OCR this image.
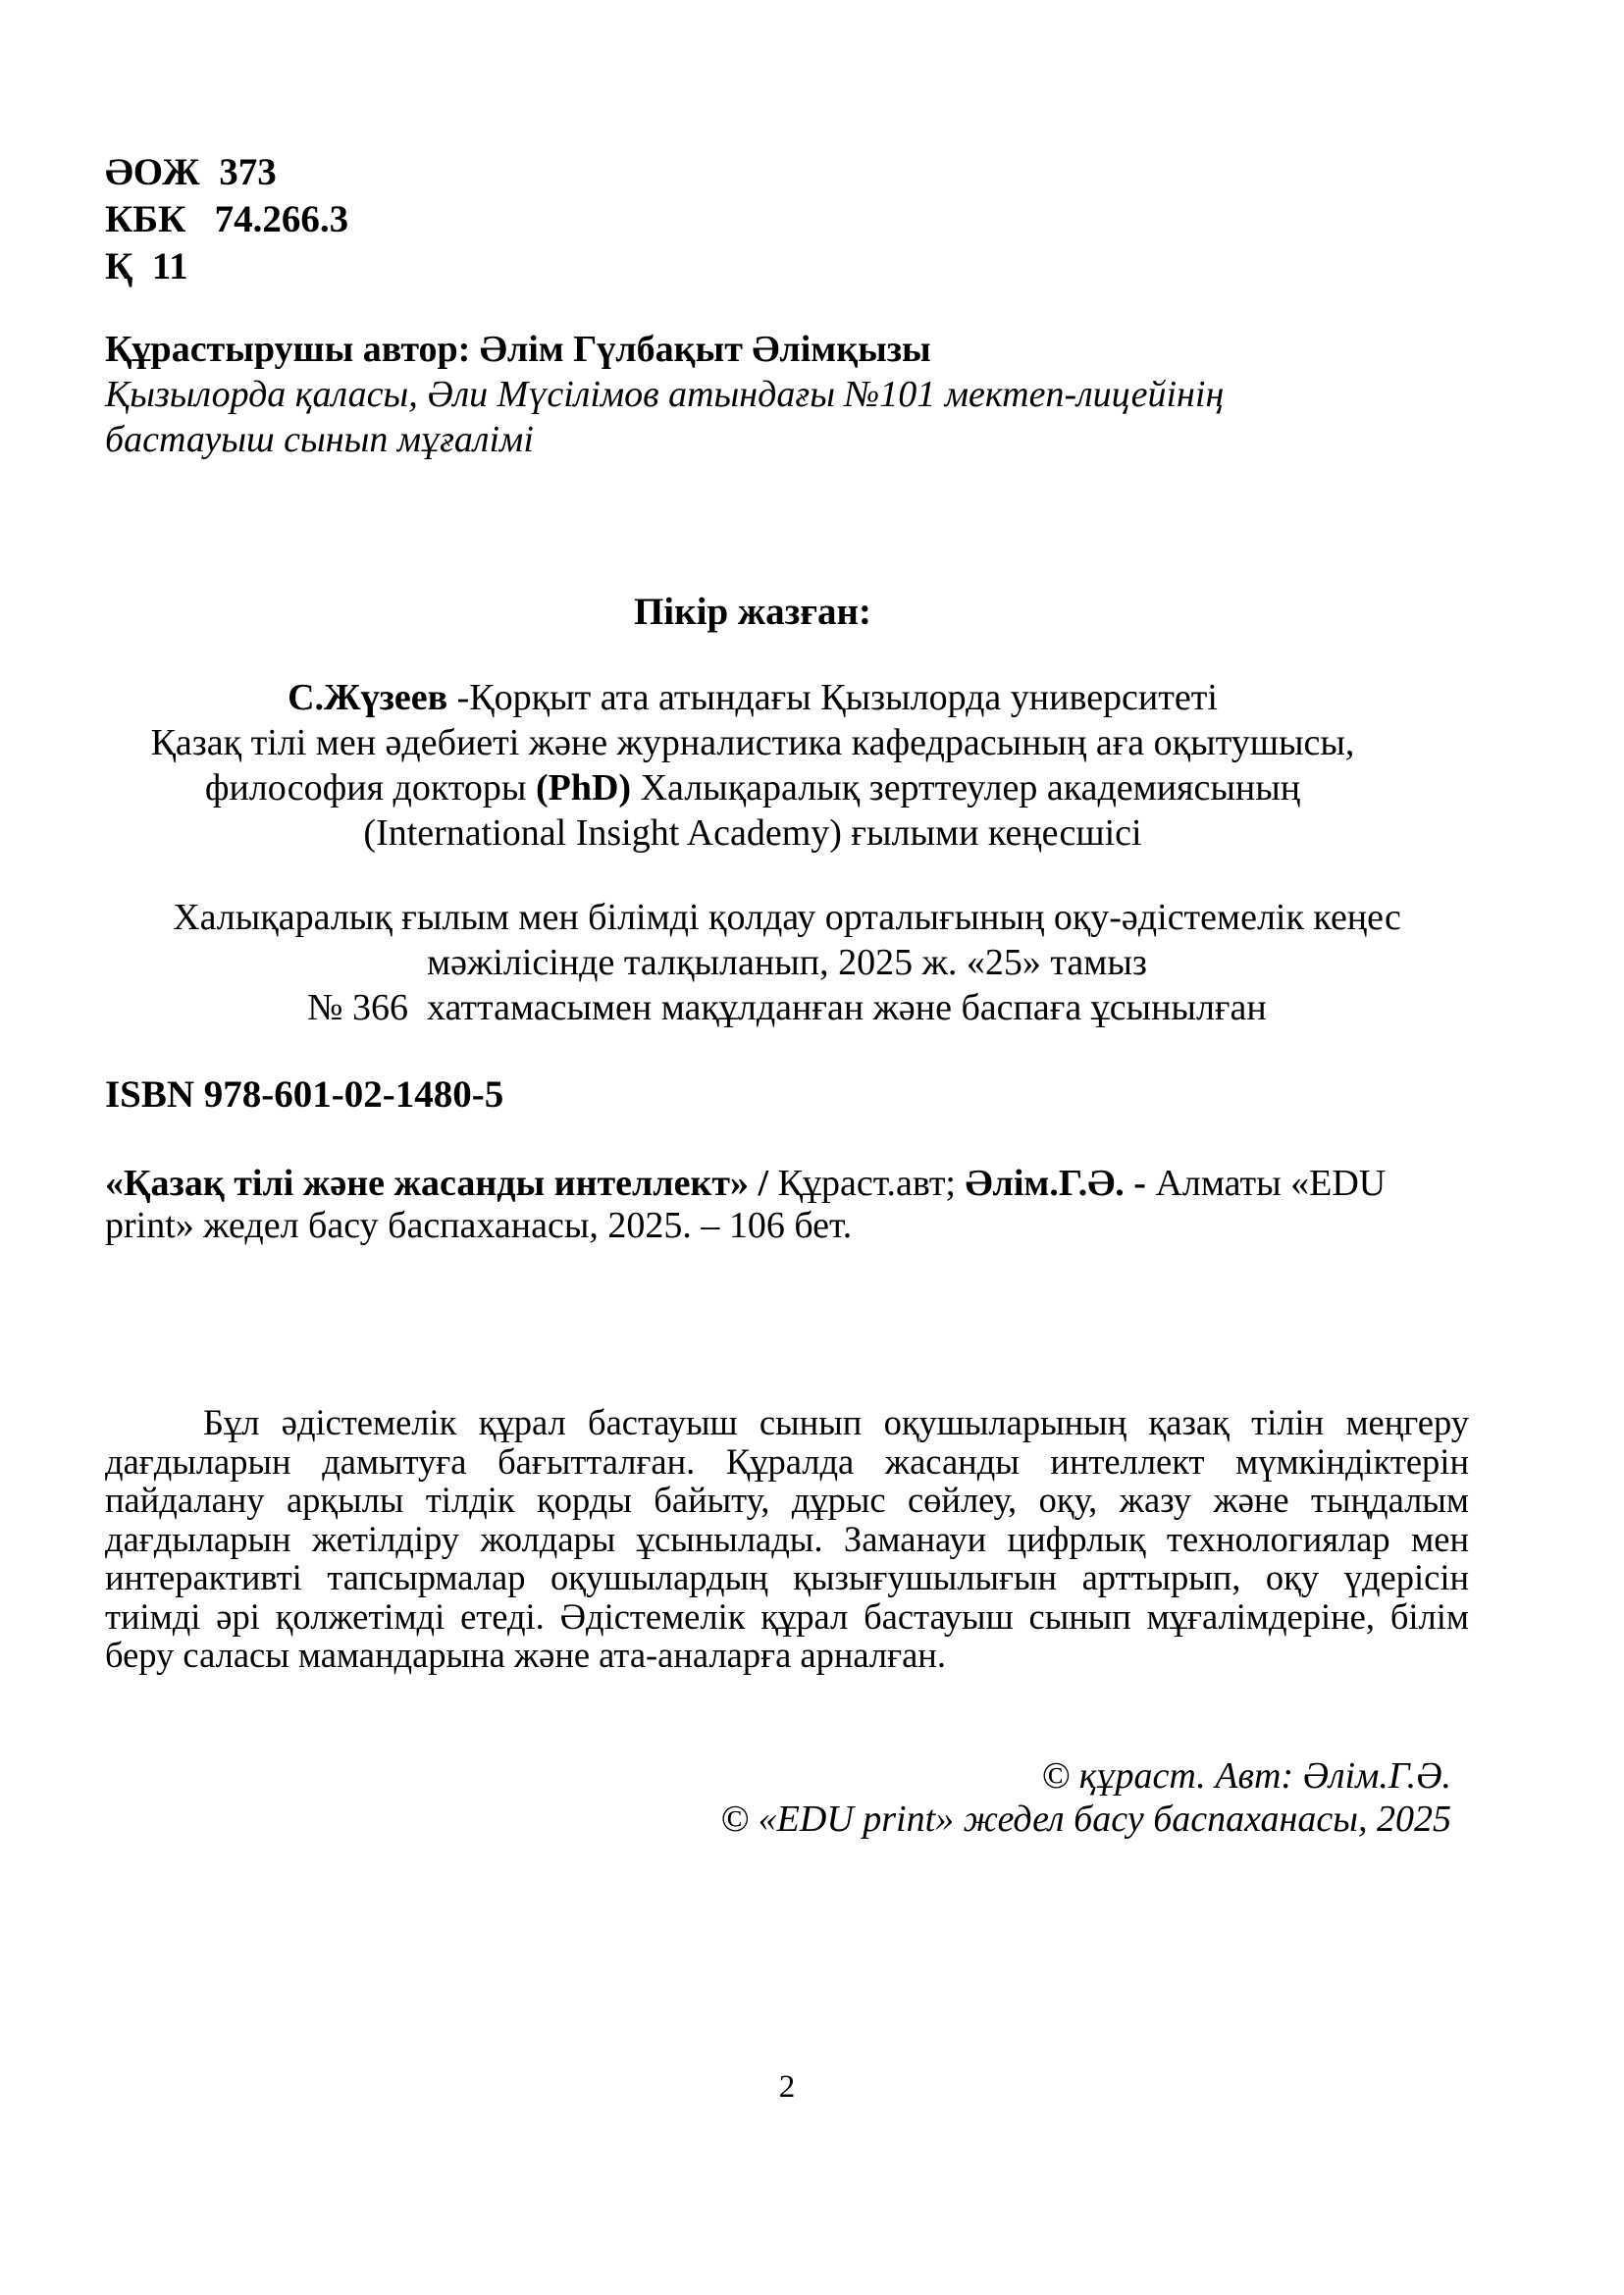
ӘОЖ  373
КБК   74.266.3
Қ  11
Құрастырушы автор: Әлім Гүлбақыт Әлімқызы
Қызылорда қаласы, Әли Мүсілімов атындағы №101 мектеп-лицейінің
бастауыш сынып мұғалімі
Пікір жазған:
С.Жүзеев -Қорқыт ата атындағы Қызылорда университеті
Қазақ тілі мен әдебиеті және журналистика кафедрасының аға оқытушысы,
философия докторы (PhD) Халықаралық зерттеулер академиясының
(International Insight Academy) ғылыми кеңесшісі
Халықаралық ғылым мен білімді қолдау орталығының оқу-әдістемелік кеңес
мәжілісінде талқыланып, 2025 ж. «25» тамыз
№ 366  хаттамасымен мақұлданған және баспаға ұсынылған
ISBN 978-601-02-1480-5
«Қазақ тілі және жасанды интеллект» / Құраст.авт; Әлім.Г.Ә. - Алматы «EDU print» жедел басу баспаханасы, 2025. – 106 бет.
Бұл әдістемелік құрал бастауыш сынып оқушыларының қазақ тілін меңгеру дағдыларын дамытуға бағытталған. Құралда жасанды интеллект мүмкіндіктерін пайдалану арқылы тілдік қорды байыту, дұрыс сөйлеу, оқу, жазу және тыңдалым дағдыларын жетілдіру жолдары ұсынылады. Заманауи цифрлық технологиялар мен интерактивті тапсырмалар оқушылардың қызығушылығын арттырып, оқу үдерісін тиімді әрі қолжетімді етеді. Әдістемелік құрал бастауыш сынып мұғалімдеріне, білім беру саласы мамандарына және ата-аналарға арналған.
© құраст. Авт: Әлім.Г.Ә.
© «EDU print» жедел басу баспаханасы, 2025
2
